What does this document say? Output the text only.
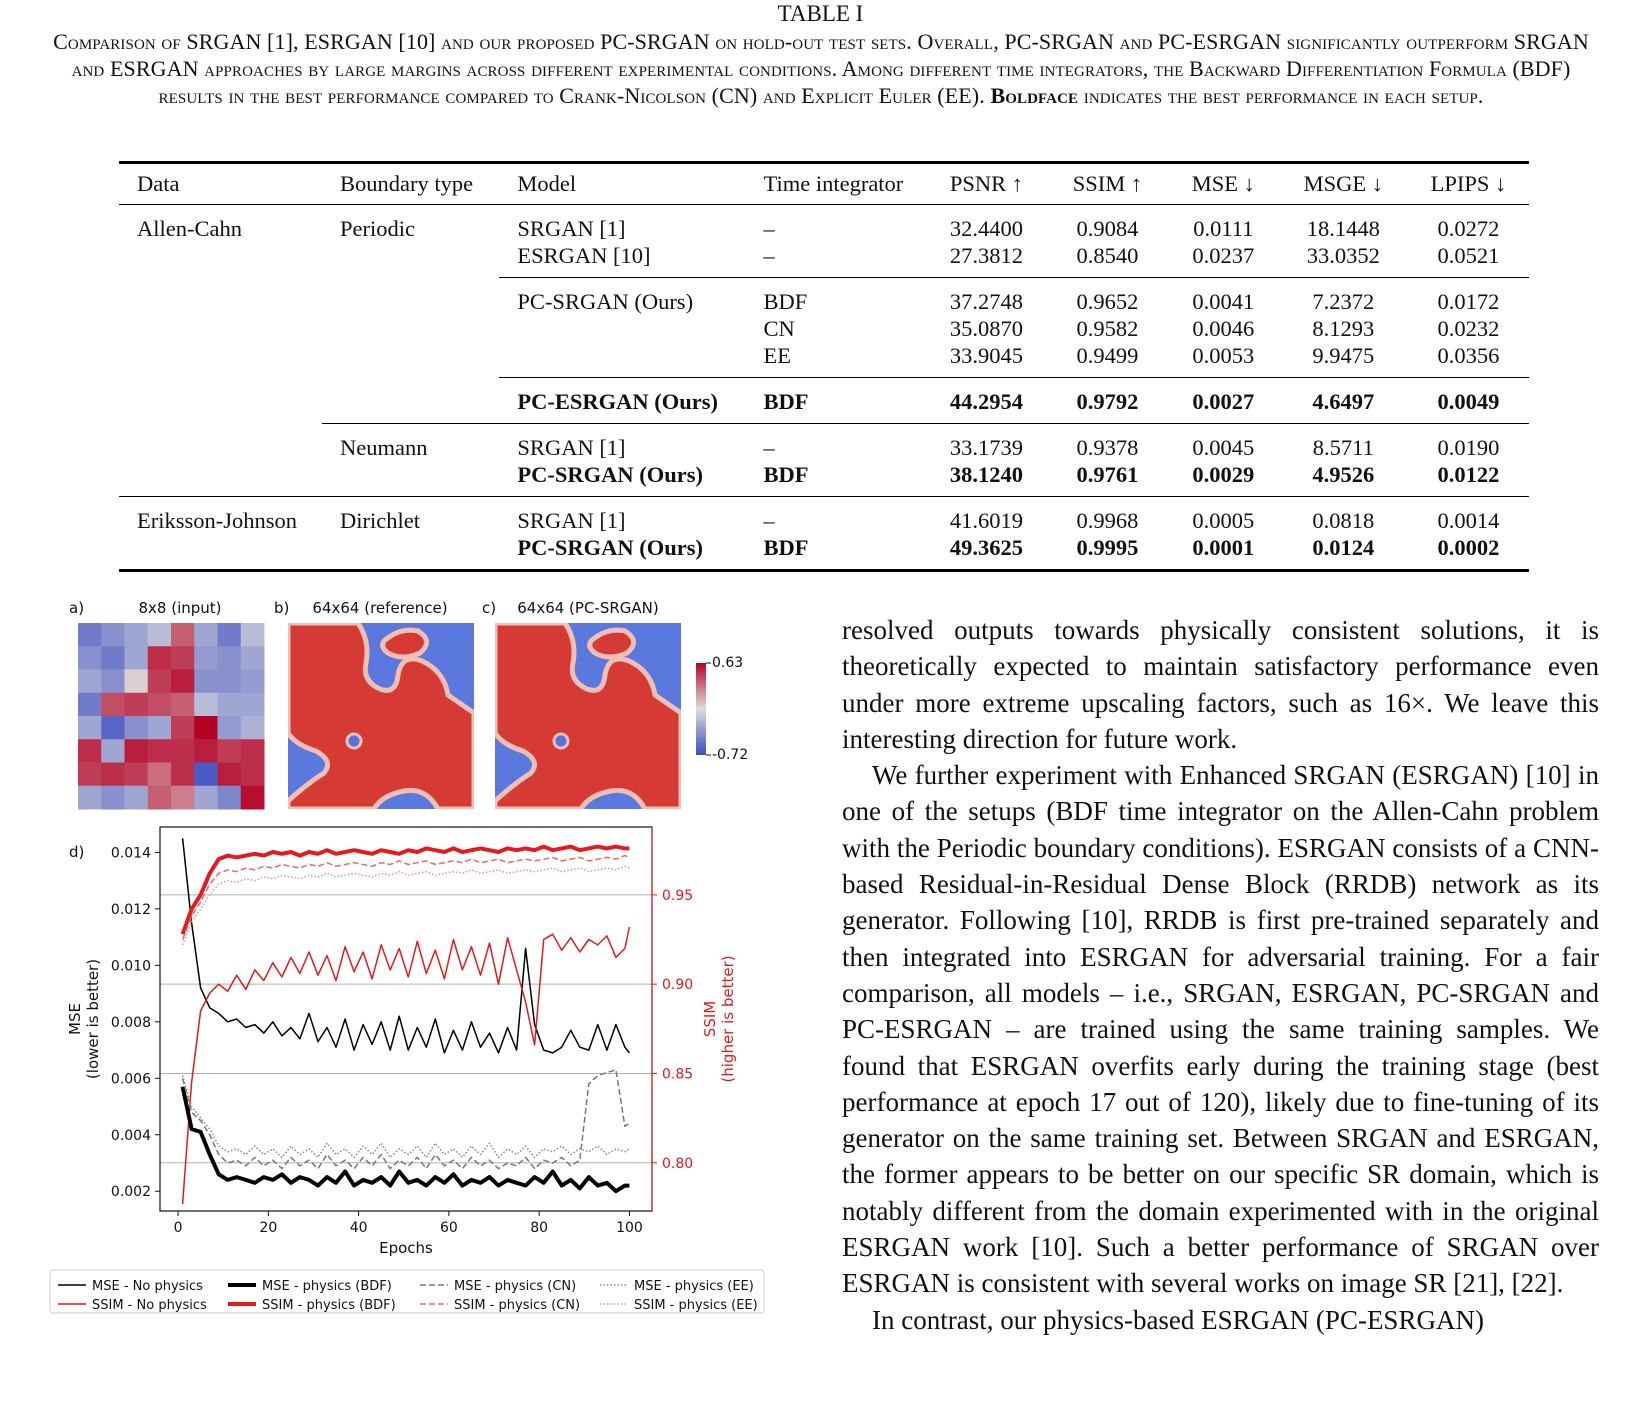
TABLE I
Comparison of SRGAN [1], ESRGAN [10] and our proposed PC-SRGAN on hold-out test sets. Overall, PC-SRGAN and PC-ESRGAN significantly outperform SRGAN and ESRGAN approaches by large margins across different experimental conditions. Among different time integrators, the Backward Differentiation Formula (BDF) results in the best performance compared to Crank-Nicolson (CN) and Explicit Euler (EE). Boldface indicates the best performance in each setup.
Data	Boundary type	Model	Time integrator	PSNR ↑	SSIM ↑	MSE ↓	MSGE ↓	LPIPS ↓
Allen-Cahn	Periodic	SRGAN [1]	–	32.4400	0.9084	0.0111	18.1448	0.0272
		ESRGAN [10]	–	27.3812	0.8540	0.0237	33.0352	0.0521
		PC-SRGAN (Ours)	BDF	37.2748	0.9652	0.0041	7.2372	0.0172
			CN	35.0870	0.9582	0.0046	8.1293	0.0232
			EE	33.9045	0.9499	0.0053	9.9475	0.0356
		PC-ESRGAN (Ours)	BDF	44.2954	0.9792	0.0027	4.6497	0.0049
	Neumann	SRGAN [1]	–	33.1739	0.9378	0.0045	8.5711	0.0190
		PC-SRGAN (Ours)	BDF	38.1240	0.9761	0.0029	4.9526	0.0122
Eriksson-Johnson	Dirichlet	SRGAN [1]	–	41.6019	0.9968	0.0005	0.0818	0.0014
		PC-SRGAN (Ours)	BDF	49.3625	0.9995	0.0001	0.0124	0.0002
a)	8x8 (input)	b) 64x64 (reference) c) 64x64 (PC-SRGAN)
0.63
-0.72
d)
0	20	40	60	80	100
0.002
0.004
0.006
0.008
0.010
0.012
0.014
0.80
0.85
0.90
0.95
Epochs
MSE (lower is better)	SSIM (higher is better)
MSE - No physics	MSE - physics (BDF)	MSE - physics (CN)	MSE - physics (EE)
SSIM - No physics	SSIM - physics (BDF)	SSIM - physics (CN)	SSIM - physics (EE)

resolved outputs towards physically consistent solutions, it is theoretically expected to maintain satisfactory performance even under more extreme upscaling factors, such as 16×. We leave this interesting direction for future work.

We further experiment with Enhanced SRGAN (ESRGAN) [10] in one of the setups (BDF time integrator on the Allen-Cahn problem with the Periodic boundary conditions). ESRGAN consists of a CNN-based Residual-in-Residual Dense Block (RRDB) network as its generator. Following [10], RRDB is first pre-trained separately and then integrated into ESRGAN for adversarial training. For a fair comparison, all models – i.e., SRGAN, ESRGAN, PC-SRGAN and PC-ESRGAN – are trained using the same training samples. We found that ESRGAN overfits early during the training stage (best performance at epoch 17 out of 120), likely due to fine-tuning of its generator on the same training set. Between SRGAN and ESRGAN, the former appears to be better on our specific SR domain, which is notably different from the domain experimented with in the original ESRGAN work [10]. Such a better performance of SRGAN over ESRGAN is consistent with several works on image SR [21], [22].

In contrast, our physics-based ESRGAN (PC-ESRGAN)
